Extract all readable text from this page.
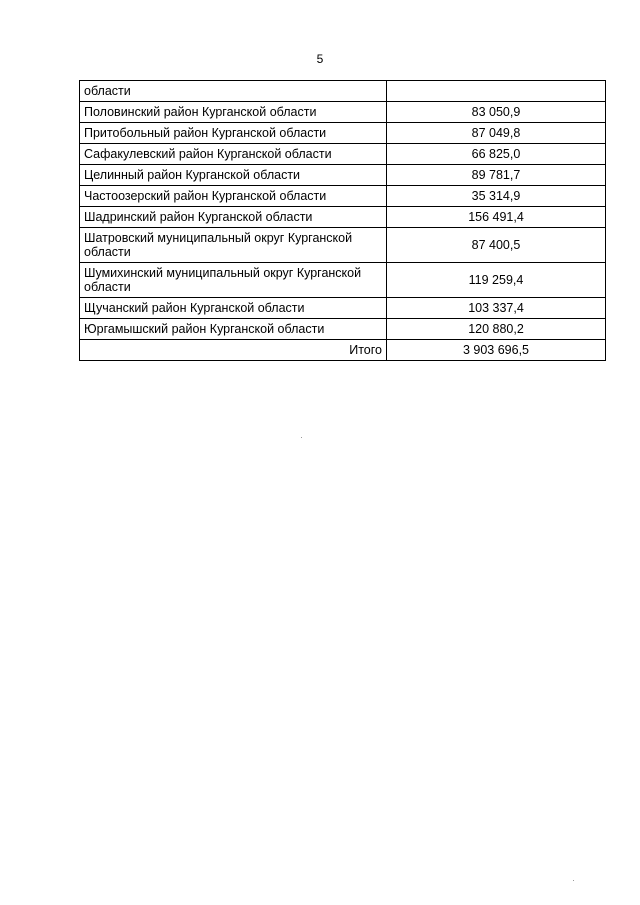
5
области	
Половинский район Курганской области	83 050,9
Притобольный район Курганской области	87 049,8
Сафакулевский район Курганской области	66 825,0
Целинный район Курганской области	89 781,7
Частоозерский район Курганской области	35 314,9
Шадринский район Курганской области	156 491,4
Шатровский муниципальный округ Курганской области	87 400,5
Шумихинский муниципальный округ Курганской области	119 259,4
Щучанский район Курганской области	103 337,4
Юргамышский район Курганской области	120 880,2
Итого	3 903 696,5
